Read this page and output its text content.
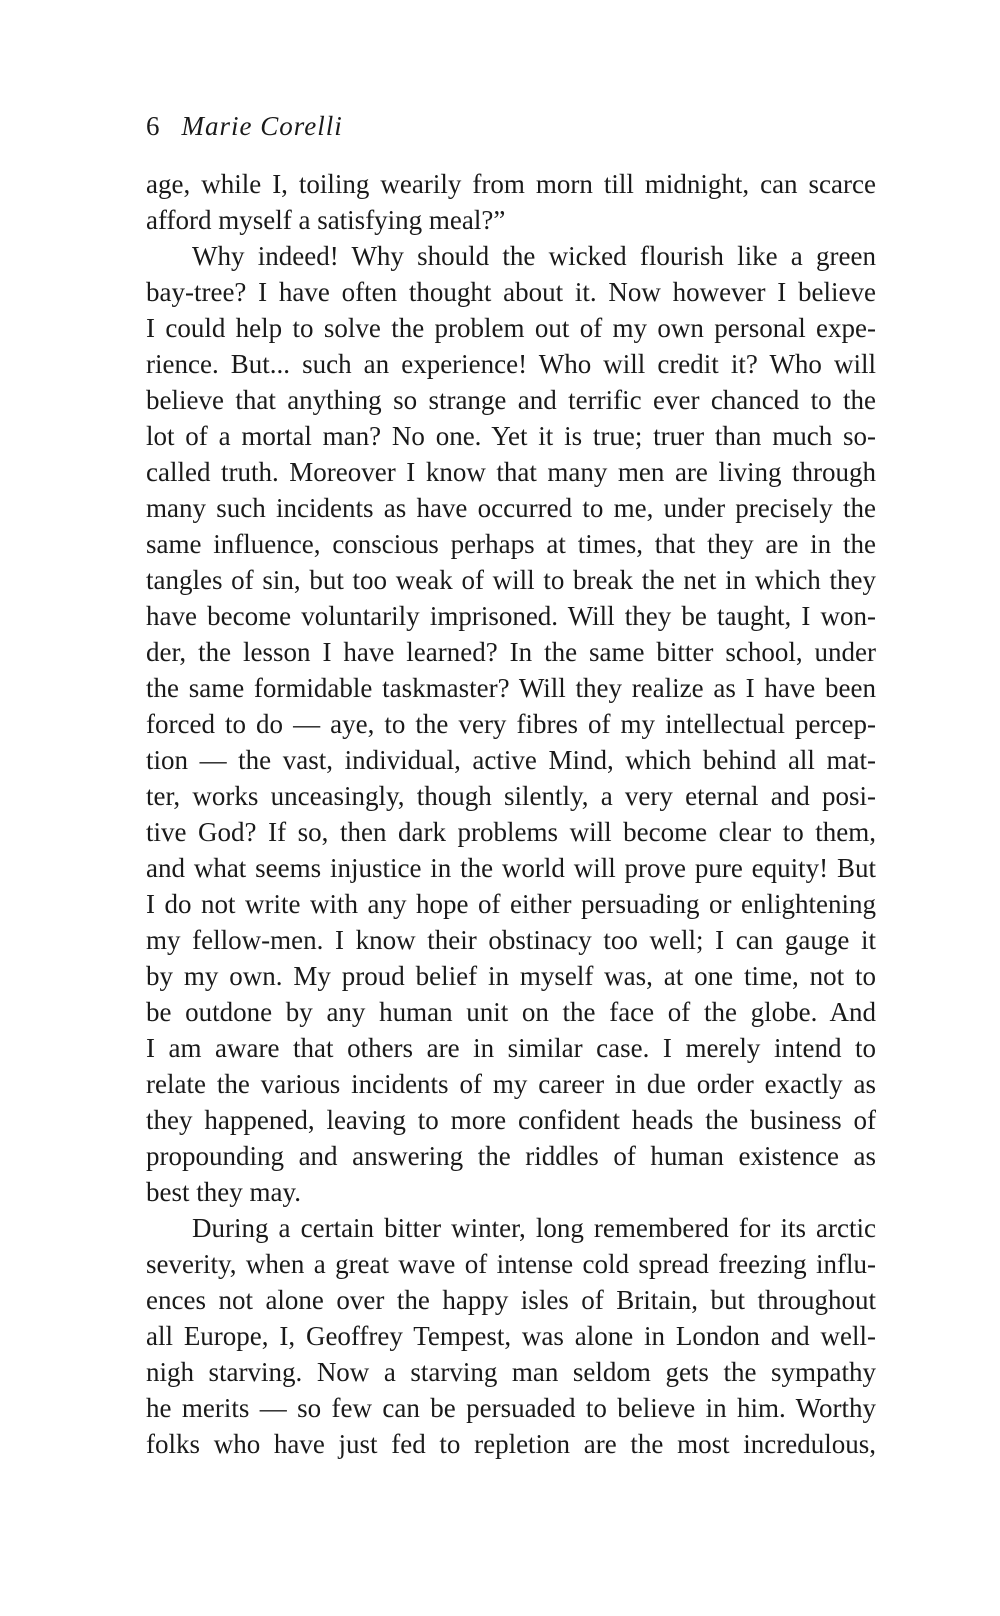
6 Marie Corelli
age, while I, toiling wearily from morn till midnight, can scarce
afford myself a satisfying meal?”
Why indeed! Why should the wicked flourish like a green
bay-tree? I have often thought about it. Now however I believe
I could help to solve the problem out of my own personal expe-
rience. But... such an experience! Who will credit it? Who will
believe that anything so strange and terrific ever chanced to the
lot of a mortal man? No one. Yet it is true; truer than much so-
called truth. Moreover I know that many men are living through
many such incidents as have occurred to me, under precisely the
same influence, conscious perhaps at times, that they are in the
tangles of sin, but too weak of will to break the net in which they
have become voluntarily imprisoned. Will they be taught, I won-
der, the lesson I have learned? In the same bitter school, under
the same formidable taskmaster? Will they realize as I have been
forced to do — aye, to the very fibres of my intellectual percep-
tion — the vast, individual, active Mind, which behind all mat-
ter, works unceasingly, though silently, a very eternal and posi-
tive God? If so, then dark problems will become clear to them,
and what seems injustice in the world will prove pure equity! But
I do not write with any hope of either persuading or enlightening
my fellow-men. I know their obstinacy too well; I can gauge it
by my own. My proud belief in myself was, at one time, not to
be outdone by any human unit on the face of the globe. And
I am aware that others are in similar case. I merely intend to
relate the various incidents of my career in due order exactly as
they happened, leaving to more confident heads the business of
propounding and answering the riddles of human existence as
best they may.
During a certain bitter winter, long remembered for its arctic
severity, when a great wave of intense cold spread freezing influ-
ences not alone over the happy isles of Britain, but throughout
all Europe, I, Geoffrey Tempest, was alone in London and well-
nigh starving. Now a starving man seldom gets the sympathy
he merits — so few can be persuaded to believe in him. Worthy
folks who have just fed to repletion are the most incredulous,
